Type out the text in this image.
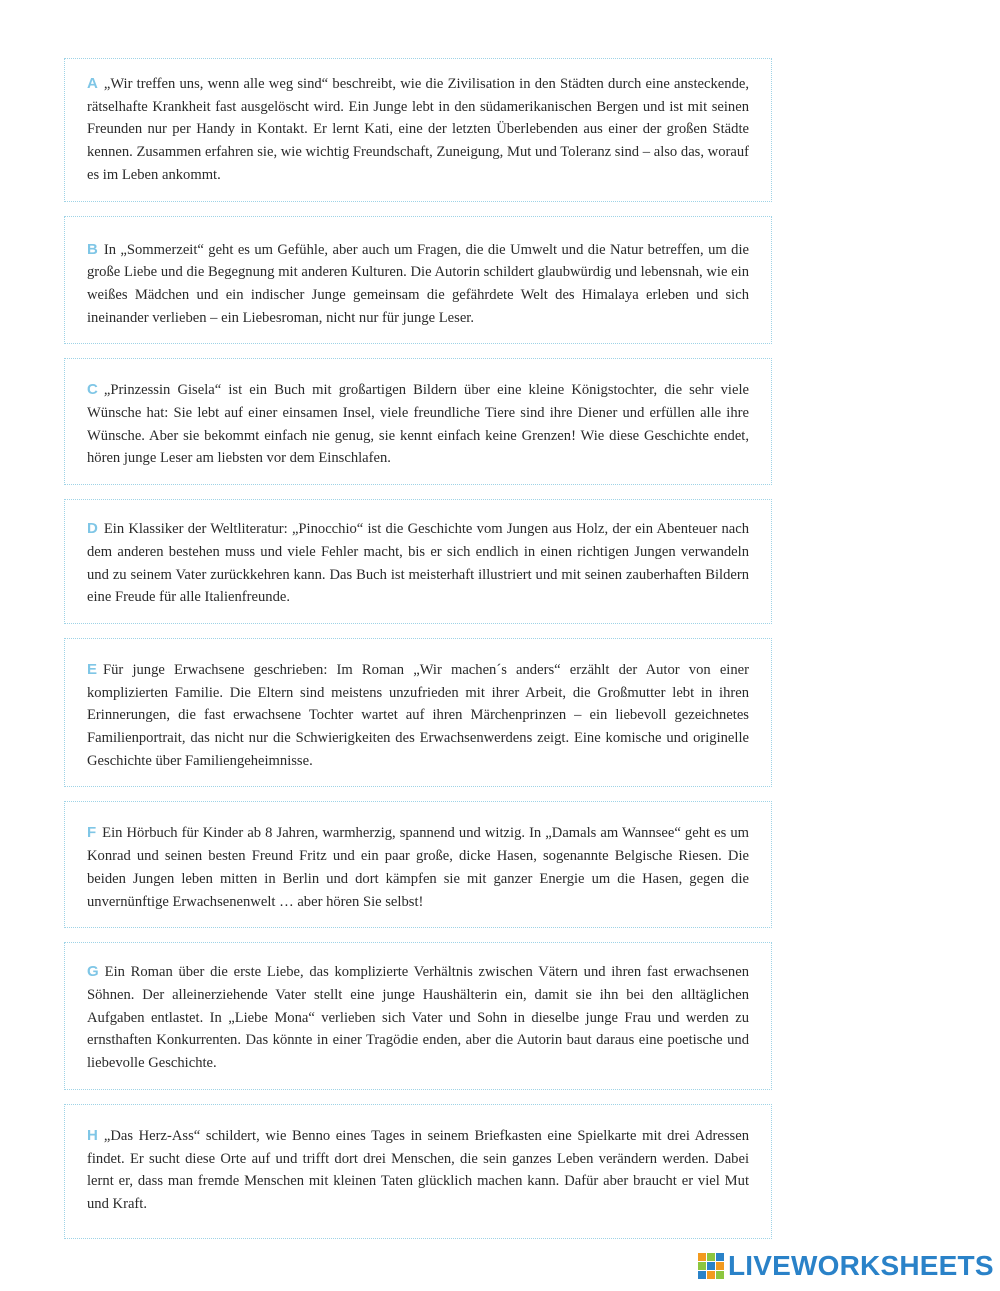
A „Wir treffen uns, wenn alle weg sind“ beschreibt, wie die Zivilisation in den Städten durch eine ansteckende, rätselhafte Krankheit fast ausgelöscht wird. Ein Junge lebt in den südamerikanischen Bergen und ist mit seinen Freunden nur per Handy in Kontakt. Er lernt Kati, eine der letzten Überlebenden aus einer der großen Städte kennen. Zusammen erfahren sie, wie wichtig Freundschaft, Zuneigung, Mut und Toleranz sind – also das, worauf es im Leben ankommt.

B In „Sommerzeit“ geht es um Gefühle, aber auch um Fragen, die die Umwelt und die Natur betreffen, um die große Liebe und die Begegnung mit anderen Kulturen. Die Autorin schildert glaubwürdig und lebensnah, wie ein weißes Mädchen und ein indischer Junge gemeinsam die gefährdete Welt des Himalaya erleben und sich ineinander verlieben – ein Liebesroman, nicht nur für junge Leser.

C „Prinzessin Gisela“ ist ein Buch mit großartigen Bildern über eine kleine Königstochter, die sehr viele Wünsche hat: Sie lebt auf einer einsamen Insel, viele freundliche Tiere sind ihre Diener und erfüllen alle ihre Wünsche. Aber sie bekommt einfach nie genug, sie kennt einfach keine Grenzen! Wie diese Geschichte endet, hören junge Leser am liebsten vor dem Einschlafen.

D Ein Klassiker der Weltliteratur: „Pinocchio“ ist die Geschichte vom Jungen aus Holz, der ein Abenteuer nach dem anderen bestehen muss und viele Fehler macht, bis er sich endlich in einen richtigen Jungen verwandeln und zu seinem Vater zurückkehren kann. Das Buch ist meisterhaft illustriert und mit seinen zauberhaften Bildern eine Freude für alle Italienfreunde.

E Für junge Erwachsene geschrieben: Im Roman „Wir machen´s anders“ erzählt der Autor von einer komplizierten Familie. Die Eltern sind meistens unzufrieden mit ihrer Arbeit, die Großmutter lebt in ihren Erinnerungen, die fast erwachsene Tochter wartet auf ihren Märchenprinzen – ein liebevoll gezeichnetes Familienportrait, das nicht nur die Schwierigkeiten des Erwachsenwerdens zeigt. Eine komische und originelle Geschichte über Familiengeheimnisse.

F Ein Hörbuch für Kinder ab 8 Jahren, warmherzig, spannend und witzig. In „Damals am Wannsee“ geht es um Konrad und seinen besten Freund Fritz und ein paar große, dicke Hasen, sogenannte Belgische Riesen. Die beiden Jungen leben mitten in Berlin und dort kämpfen sie mit ganzer Energie um die Hasen, gegen die unvernünftige Erwachsenenwelt … aber hören Sie selbst!

G Ein Roman über die erste Liebe, das komplizierte Verhältnis zwischen Vätern und ihren fast erwachsenen Söhnen. Der alleinerziehende Vater stellt eine junge Haushälterin ein, damit sie ihn bei den alltäglichen Aufgaben entlastet. In „Liebe Mona“ verlieben sich Vater und Sohn in dieselbe junge Frau und werden zu ernsthaften Konkurrenten. Das könnte in einer Tragödie enden, aber die Autorin baut daraus eine poetische und liebevolle Geschichte.

H „Das Herz-Ass“ schildert, wie Benno eines Tages in seinem Briefkasten eine Spielkarte mit drei Adressen findet. Er sucht diese Orte auf und trifft dort drei Menschen, die sein ganzes Leben verändern werden. Dabei lernt er, dass man fremde Menschen mit kleinen Taten glücklich machen kann. Dafür aber braucht er viel Mut und Kraft.

LIVEWORKSHEETS
